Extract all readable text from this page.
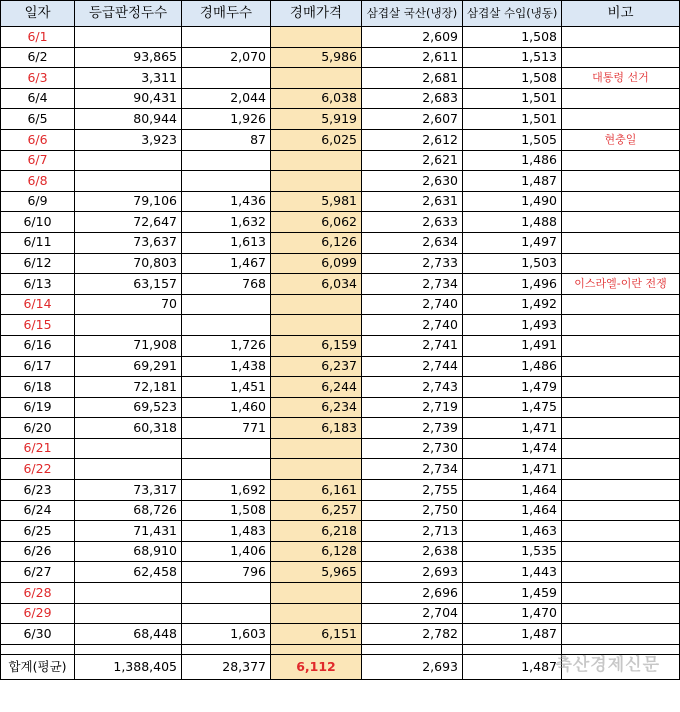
일자	등급판정두수	경매두수	경매가격	삼겹살 국산(냉장)	삼겹살 수입(냉동)	비고
6/1				2,609	1,508	
6/2	93,865	2,070	5,986	2,611	1,513	
6/3	3,311			2,681	1,508	대통령 선거
6/4	90,431	2,044	6,038	2,683	1,501	
6/5	80,944	1,926	5,919	2,607	1,501	
6/6	3,923	87	6,025	2,612	1,505	현충일
6/7				2,621	1,486	
6/8				2,630	1,487	
6/9	79,106	1,436	5,981	2,631	1,490	
6/10	72,647	1,632	6,062	2,633	1,488	
6/11	73,637	1,613	6,126	2,634	1,497	
6/12	70,803	1,467	6,099	2,733	1,503	
6/13	63,157	768	6,034	2,734	1,496	이스라엘-이란 전쟁
6/14	70			2,740	1,492	
6/15				2,740	1,493	
6/16	71,908	1,726	6,159	2,741	1,491	
6/17	69,291	1,438	6,237	2,744	1,486	
6/18	72,181	1,451	6,244	2,743	1,479	
6/19	69,523	1,460	6,234	2,719	1,475	
6/20	60,318	771	6,183	2,739	1,471	
6/21				2,730	1,474	
6/22				2,734	1,471	
6/23	73,317	1,692	6,161	2,755	1,464	
6/24	68,726	1,508	6,257	2,750	1,464	
6/25	71,431	1,483	6,218	2,713	1,463	
6/26	68,910	1,406	6,128	2,638	1,535	
6/27	62,458	796	5,965	2,693	1,443	
6/28				2,696	1,459	
6/29				2,704	1,470	
6/30	68,448	1,603	6,151	2,782	1,487	

합계(평균)	1,388,405	28,377	6,112	2,693	1,487	
축산경제신문
